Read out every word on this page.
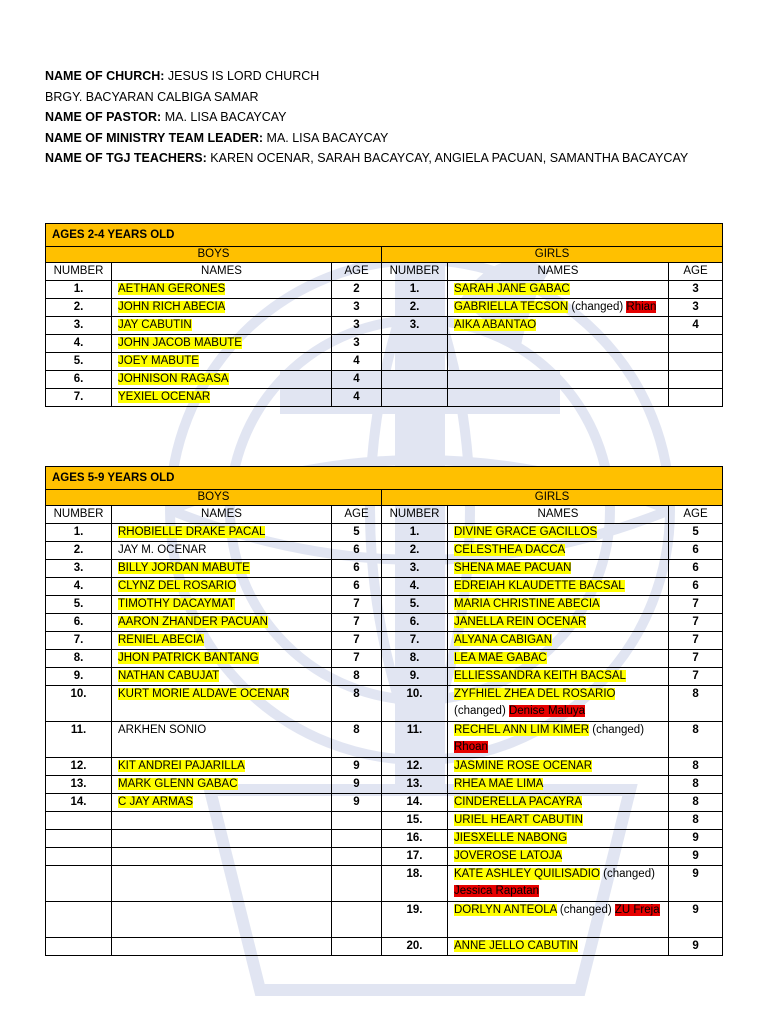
NAME OF CHURCH: JESUS IS LORD CHURCH
BRGY. BACYARAN CALBIGA SAMAR
NAME OF PASTOR: MA. LISA BACAYCAY
NAME OF MINISTRY TEAM LEADER: MA. LISA BACAYCAY
NAME OF TGJ TEACHERS: KAREN OCENAR, SARAH BACAYCAY, ANGIELA PACUAN, SAMANTHA BACAYCAY
AGES 2-4 YEARS OLD					
BOYS			GIRLS		
NUMBER	NAMES	AGE	NUMBER	NAMES	AGE
1.	AETHAN GERONES	2	1.	SARAH JANE GABAC	3
2.	JOHN RICH ABECIA	3	2.	GABRIELLA TECSON (changed) Rhian	3
3.	JAY CABUTIN	3	3.	AIKA ABANTAO	4
4.	JOHN JACOB MABUTE	3			
5.	JOEY MABUTE	4			
6.	JOHNISON RAGASA	4			
7.	YEXIEL OCENAR	4			
AGES 5-9 YEARS OLD					
BOYS			GIRLS		
NUMBER	NAMES	AGE	NUMBER	NAMES	AGE
1.	RHOBIELLE DRAKE PACAL	5	1.	DIVINE GRACE GACILLOS	5
2.	JAY M. OCENAR	6	2.	CELESTHEA DACCA	6
3.	BILLY JORDAN MABUTE	6	3.	SHENA MAE PACUAN	6
4.	CLYNZ DEL ROSARIO	6	4.	EDREIAH KLAUDETTE BACSAL	6
5.	TIMOTHY DACAYMAT	7	5.	MARIA CHRISTINE ABECIA	7
6.	AARON ZHANDER PACUAN	7	6.	JANELLA REIN OCENAR	7
7.	RENIEL ABECIA	7	7.	ALYANA CABIGAN	7
8.	JHON PATRICK BANTANG	7	8.	LEA MAE GABAC	7
9.	NATHAN CABUJAT	8	9.	ELLIESSANDRA KEITH BACSAL	7
10.	KURT MORIE ALDAVE OCENAR	8	10.	ZYFHIEL ZHEA DEL ROSARIO (changed) Denise Maluya	8
11.	ARKHEN SONIO	8	11.	RECHEL ANN LIM KIMER (changed) Rhoan	8
12.	KIT ANDREI PAJARILLA	9	12.	JASMINE ROSE OCENAR	8
13.	MARK GLENN GABAC	9	13.	RHEA MAE LIMA	8
14.	C JAY ARMAS	9	14.	CINDERELLA PACAYRA	8
			15.	URIEL HEART CABUTIN	8
			16.	JIESXELLE NABONG	9
			17.	JOVEROSE LATOJA	9
			18.	KATE ASHLEY QUILISADIO (changed) Jessica Rapatan	9
			19.	DORLYN ANTEOLA (changed) ZU Freja	9
			20.	ANNE JELLO CABUTIN	9
